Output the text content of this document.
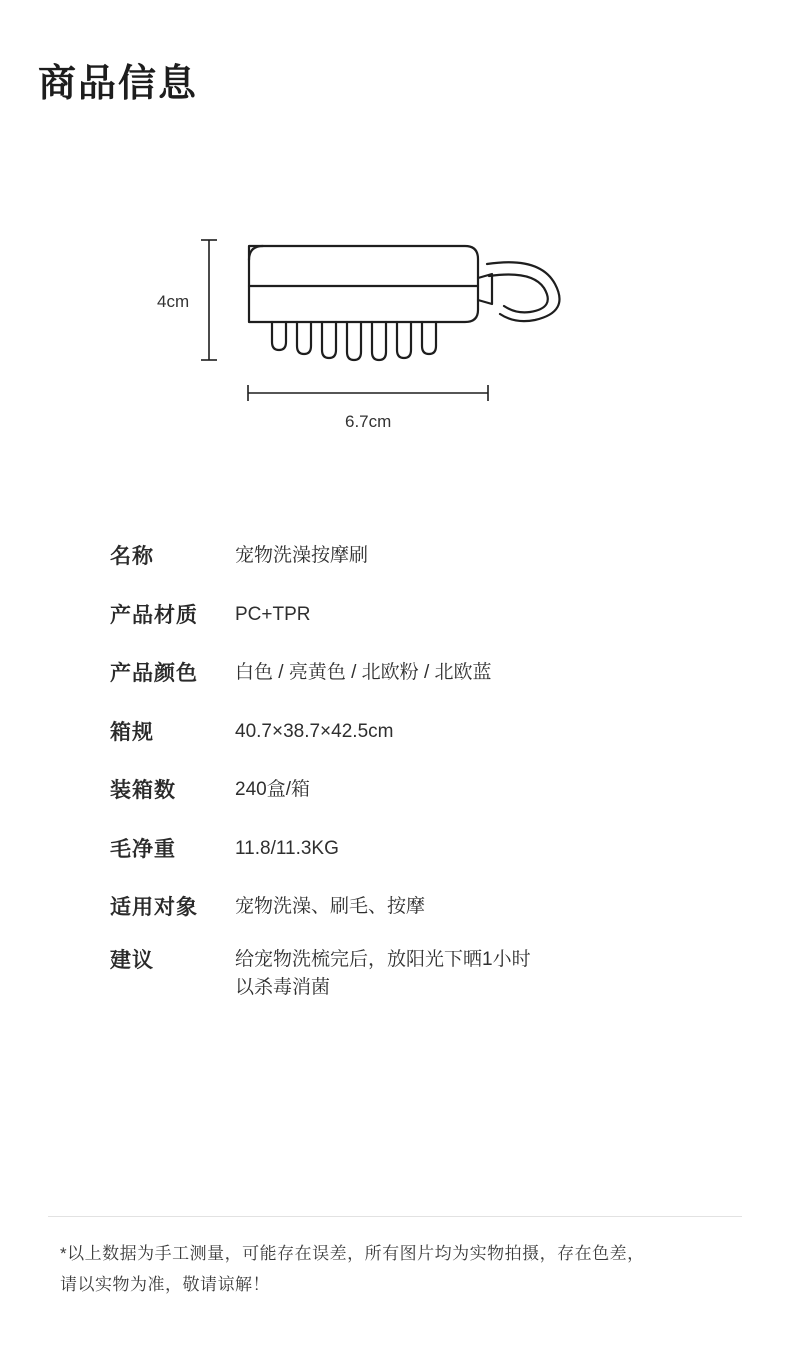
商品信息
4cm
6.7cm
名称	宠物洗澡按摩刷
产品材质	PC+TPR
产品颜色	白色 / 亮黄色 / 北欧粉 / 北欧蓝
箱规	40.7×38.7×42.5cm
装箱数	240盒/箱
毛净重	11.8/11.3KG
适用对象	宠物洗澡、刷毛、按摩
建议	给宠物洗梳完后，放阳光下晒1小时
以杀毒消菌
*以上数据为手工测量，可能存在误差，所有图片均为实物拍摄，存在色差，
请以实物为准，敬请谅解！
